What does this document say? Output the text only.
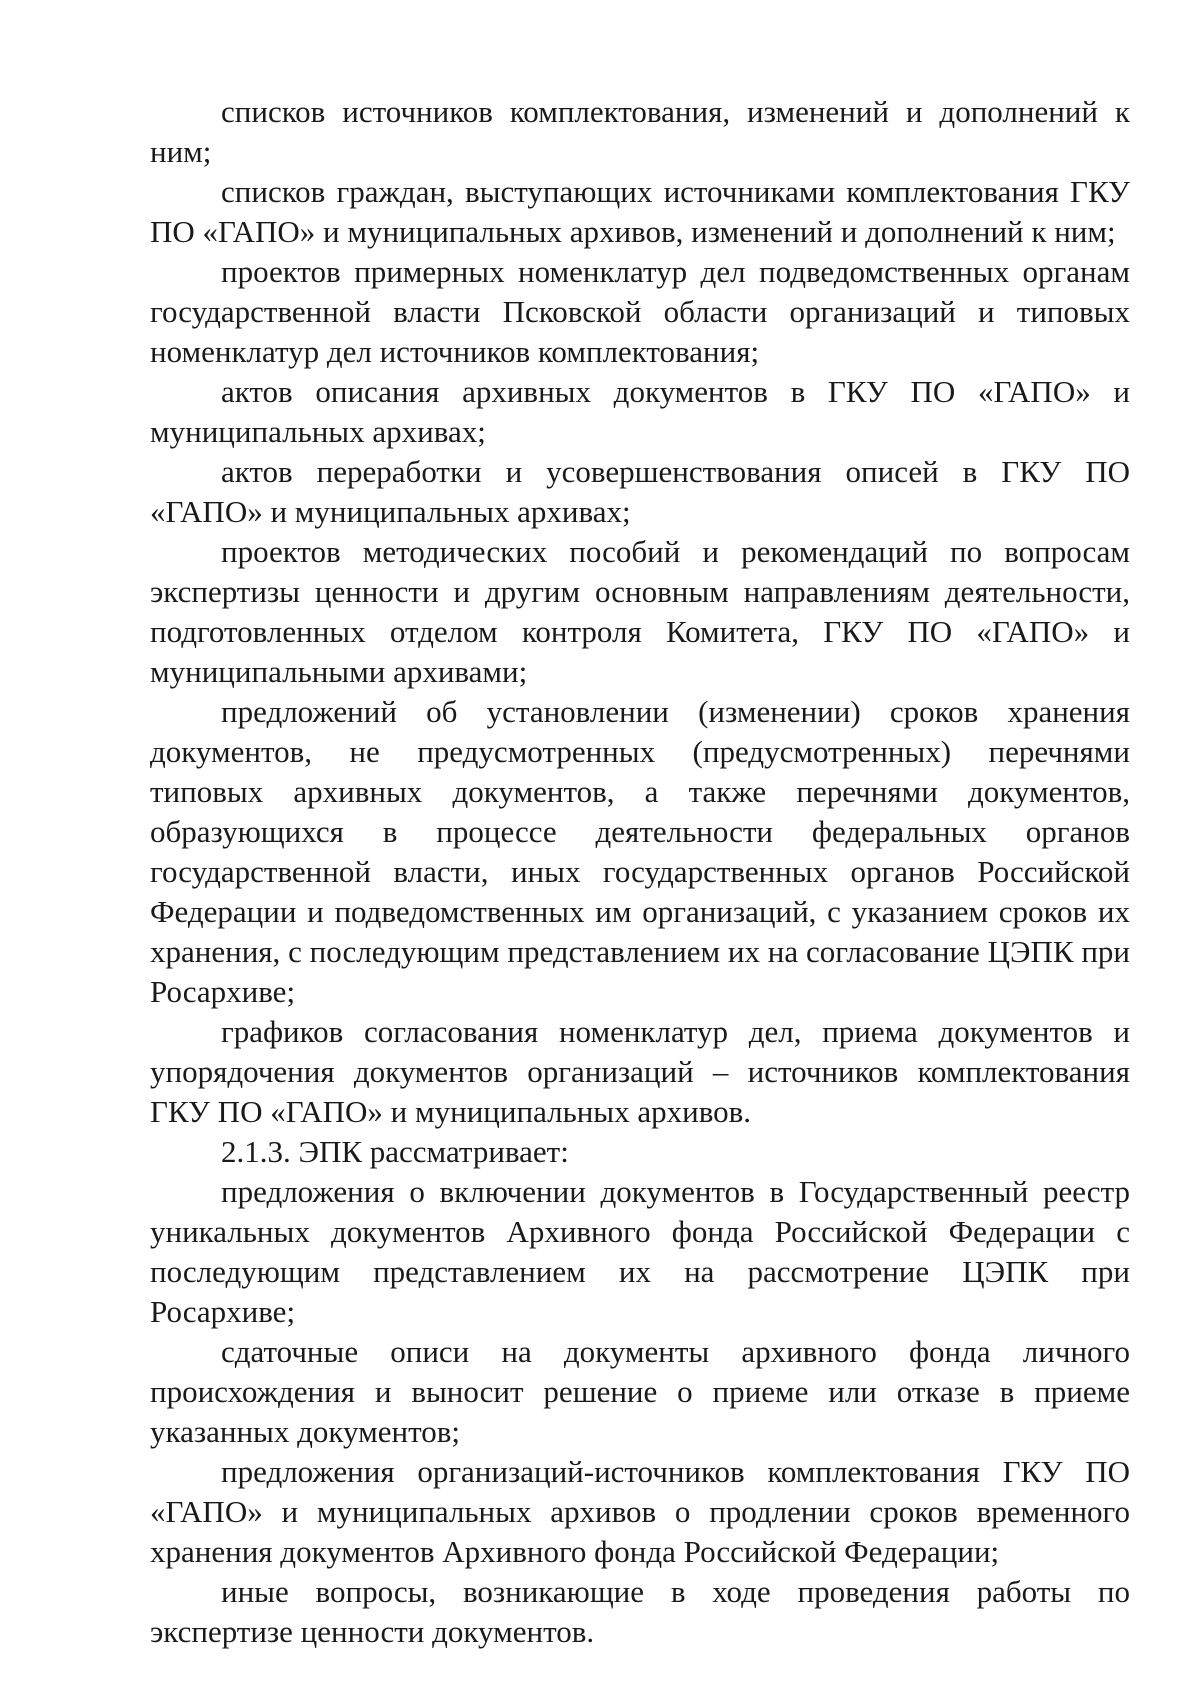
списков источников комплектования, изменений и дополнений к ним;

списков граждан, выступающих источниками комплектования ГКУ ПО «ГАПО» и муниципальных архивов, изменений и дополнений к ним;

проектов примерных номенклатур дел подведомственных органам государственной власти Псковской области организаций и типовых номенклатур дел источников комплектования;

актов описания архивных документов в ГКУ ПО «ГАПО» и муниципальных архивах;

актов переработки и усовершенствования описей в ГКУ ПО «ГАПО» и муниципальных архивах;

проектов методических пособий и рекомендаций по вопросам экспертизы ценности и другим основным направлениям деятельности, подготовленных отделом контроля Комитета, ГКУ ПО «ГАПО» и муниципальными архивами;

предложений об установлении (изменении) сроков хранения документов, не предусмотренных (предусмотренных) перечнями типовых архивных документов, а также перечнями документов, образующихся в процессе деятельности федеральных органов государственной власти, иных государственных органов Российской Федерации и подведомственных им организаций, с указанием сроков их хранения, с последующим представлением их на согласование ЦЭПК при Росархиве;

графиков согласования номенклатур дел, приема документов и упорядочения документов организаций – источников комплектования ГКУ ПО «ГАПО» и муниципальных архивов.

2.1.3. ЭПК рассматривает:

предложения о включении документов в Государственный реестр уникальных документов Архивного фонда Российской Федерации с последующим представлением их на рассмотрение ЦЭПК при Росархиве;

сдаточные описи на документы архивного фонда личного происхождения и выносит решение о приеме или отказе в приеме указанных документов;

предложения организаций-источников комплектования ГКУ ПО «ГАПО» и муниципальных архивов о продлении сроков временного хранения документов Архивного фонда Российской Федерации;

иные вопросы, возникающие в ходе проведения работы по экспертизе ценности документов.
